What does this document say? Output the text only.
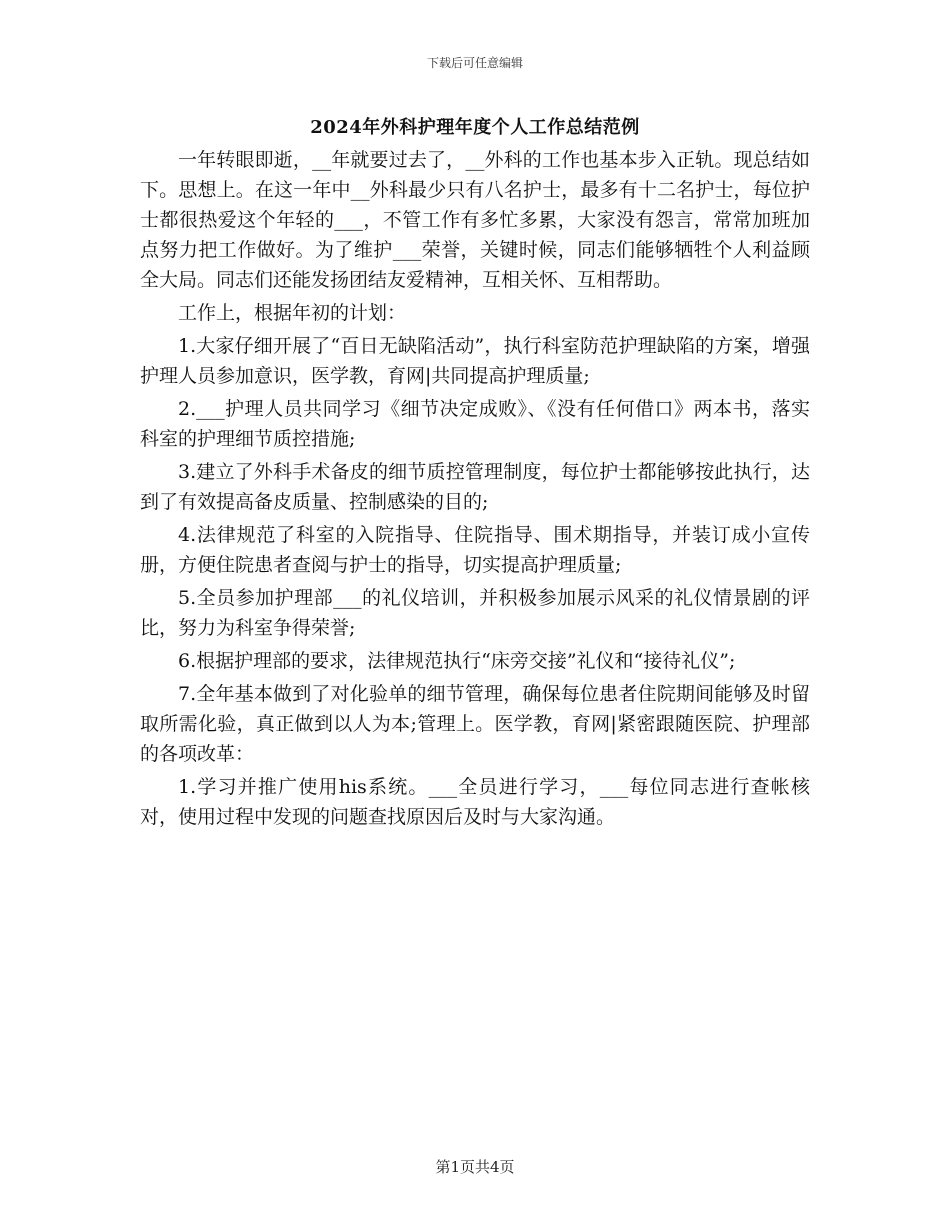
下载后可任意编辑
2024年外科护理年度个人工作总结范例

一年转眼即逝，__年就要过去了，__外科的工作也基本步入正轨。现总结如下。思想上。在这一年中__外科最少只有八名护士，最多有十二名护士，每位护士都很热爱这个年轻的___，不管工作有多忙多累，大家没有怨言，常常加班加点努力把工作做好。为了维护___荣誉，关键时候，同志们能够牺牲个人利益顾全大局。同志们还能发扬团结友爱精神，互相关怀、互相帮助。

工作上，根据年初的计划：

1.大家仔细开展了“百日无缺陷活动”，执行科室防范护理缺陷的方案，增强护理人员参加意识，医学教，育网|共同提高护理质量;

2.___护理人员共同学习《细节决定成败》、《没有任何借口》两本书，落实科室的护理细节质控措施;

3.建立了外科手术备皮的细节质控管理制度，每位护士都能够按此执行，达到了有效提高备皮质量、控制感染的目的;

4.法律规范了科室的入院指导、住院指导、围术期指导，并装订成小宣传册，方便住院患者查阅与护士的指导，切实提高护理质量;

5.全员参加护理部___的礼仪培训，并积极参加展示风采的礼仪情景剧的评比，努力为科室争得荣誉;

6.根据护理部的要求，法律规范执行“床旁交接”礼仪和“接待礼仪”;

7.全年基本做到了对化验单的细节管理，确保每位患者住院期间能够及时留取所需化验，真正做到以人为本;管理上。医学教，育网|紧密跟随医院、护理部的各项改革：

1.学习并推广使用his系统。___全员进行学习，___每位同志进行查帐核对，使用过程中发现的问题查找原因后及时与大家沟通。

第1页共4页
